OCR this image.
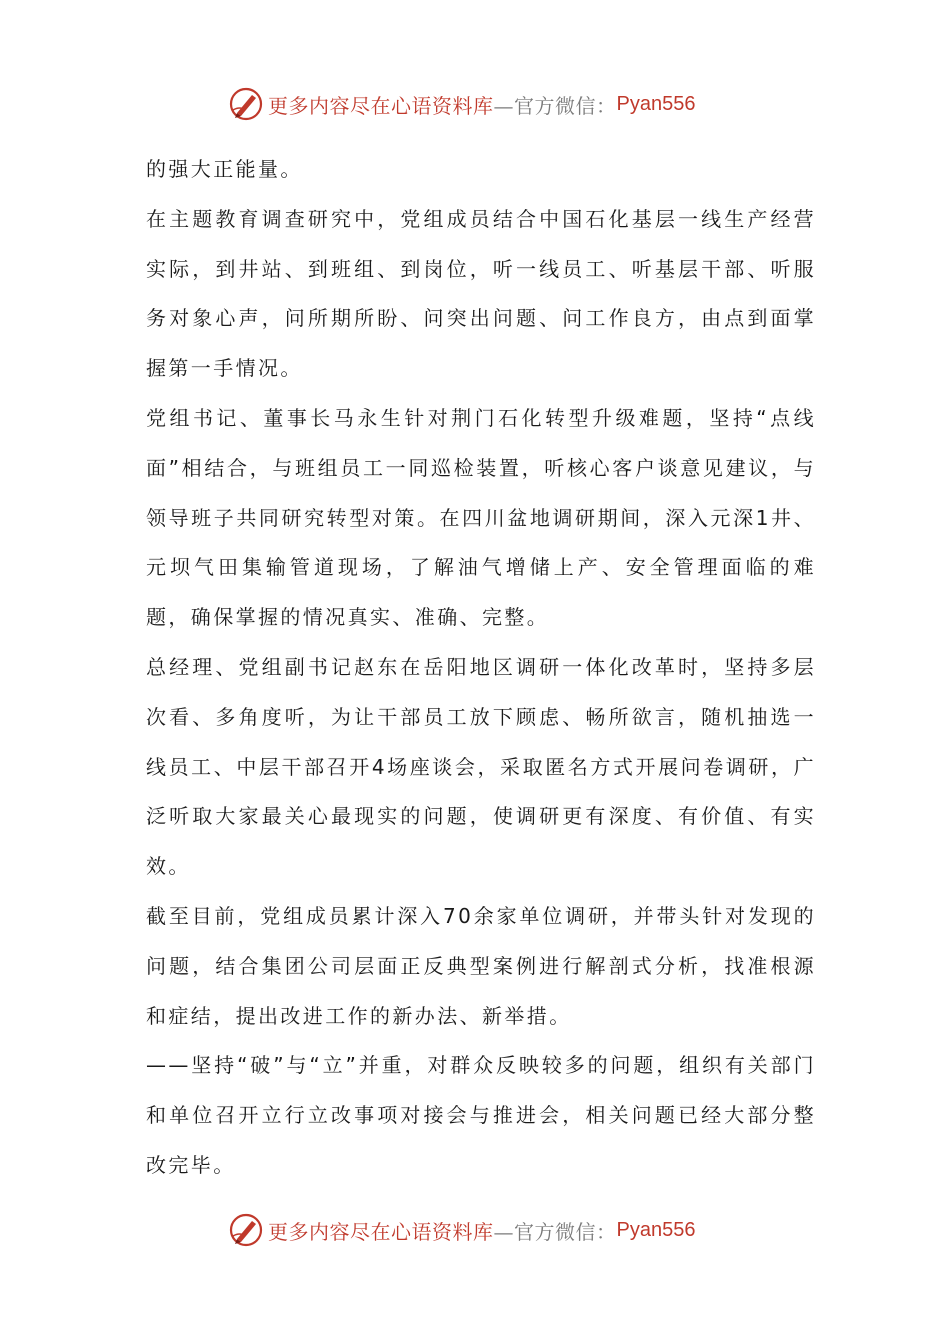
更多内容尽在心语资料库 —官方微信： Pyan556

的强大正能量。

在主题教育调查研究中，党组成员结合中国石化基层一线生产经营实际，到井站、到班组、到岗位，听一线员工、听基层干部、听服务对象心声，问所期所盼、问突出问题、问工作良方，由点到面掌握第一手情况。

党组书记、董事长马永生针对荆门石化转型升级难题，坚持“点线面”相结合，与班组员工一同巡检装置，听核心客户谈意见建议，与领导班子共同研究转型对策。在四川盆地调研期间，深入元深1井、元坝气田集输管道现场，了解油气增储上产、安全管理面临的难题，确保掌握的情况真实、准确、完整。

总经理、党组副书记赵东在岳阳地区调研一体化改革时，坚持多层次看、多角度听，为让干部员工放下顾虑、畅所欲言，随机抽选一线员工、中层干部召开4场座谈会，采取匿名方式开展问卷调研，广泛听取大家最关心最现实的问题，使调研更有深度、有价值、有实效。

截至目前，党组成员累计深入70余家单位调研，并带头针对发现的问题，结合集团公司层面正反典型案例进行解剖式分析，找准根源和症结，提出改进工作的新办法、新举措。

——坚持“破”与“立”并重，对群众反映较多的问题，组织有关部门和单位召开立行立改事项对接会与推进会，相关问题已经大部分整改完毕。

更多内容尽在心语资料库 —官方微信： Pyan556
